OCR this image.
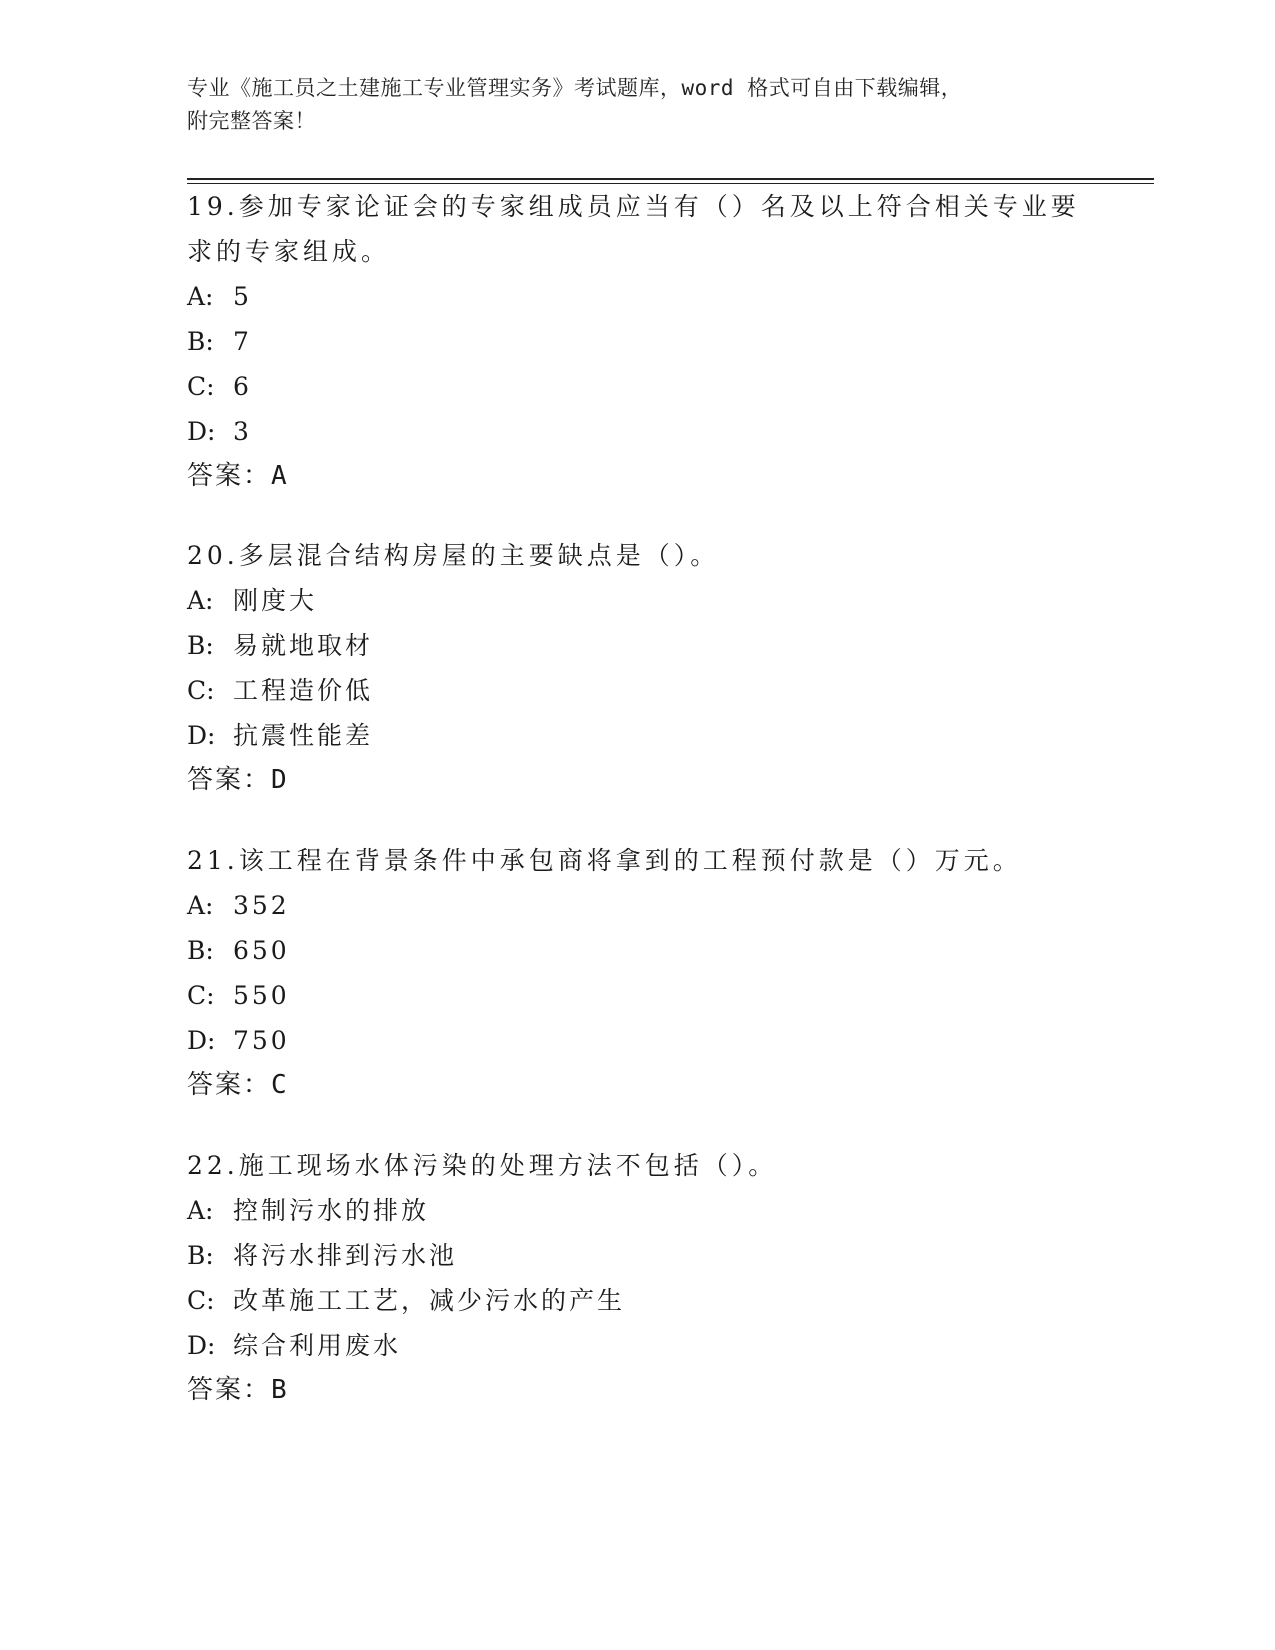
专业《施工员之土建施工专业管理实务》考试题库，word 格式可自由下载编辑，
附完整答案！

19.参加专家论证会的专家组成员应当有（）名及以上符合相关专业要
求的专家组成。

A: 5
B: 7
C: 6
D: 3
答案：A

20.多层混合结构房屋的主要缺点是（）。

A: 刚度大
B: 易就地取材
C: 工程造价低
D: 抗震性能差
答案：D

21.该工程在背景条件中承包商将拿到的工程预付款是（）万元。

A: 352
B: 650
C: 550
D: 750
答案：C

22.施工现场水体污染的处理方法不包括（）。

A: 控制污水的排放
B: 将污水排到污水池
C: 改革施工工艺，减少污水的产生
D: 综合利用废水
答案：B
